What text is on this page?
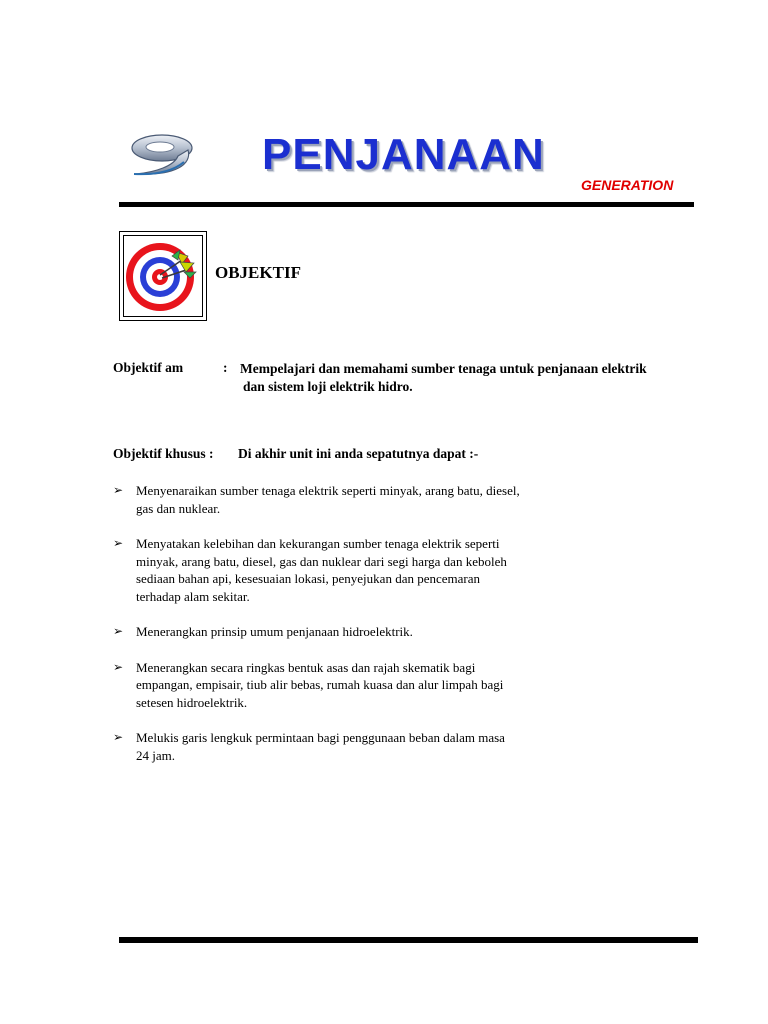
PENJANAAN
GENERATION
OBJEKTIF
Objektif am	: Mempelajari dan memahami sumber tenaga untuk penjanaan elektrik
dan sistem loji elektrik hidro.
Objektif khusus : Di akhir unit ini anda sepatutnya dapat :-
➢ Menyenaraikan sumber tenaga elektrik seperti minyak, arang batu, diesel,
gas dan nuklear.
➢ Menyatakan kelebihan dan kekurangan sumber tenaga elektrik seperti
minyak, arang batu, diesel, gas dan nuklear dari segi harga dan keboleh
sediaan bahan api, kesesuaian lokasi, penyejukan dan pencemaran
terhadap alam sekitar.
➢ Menerangkan prinsip umum penjanaan hidroelektrik.
➢ Menerangkan secara ringkas bentuk asas dan rajah skematik bagi
empangan, empisair, tiub alir bebas, rumah kuasa dan alur limpah bagi
setesen hidroelektrik.
➢ Melukis garis lengkuk permintaan bagi penggunaan beban dalam masa
24 jam.
